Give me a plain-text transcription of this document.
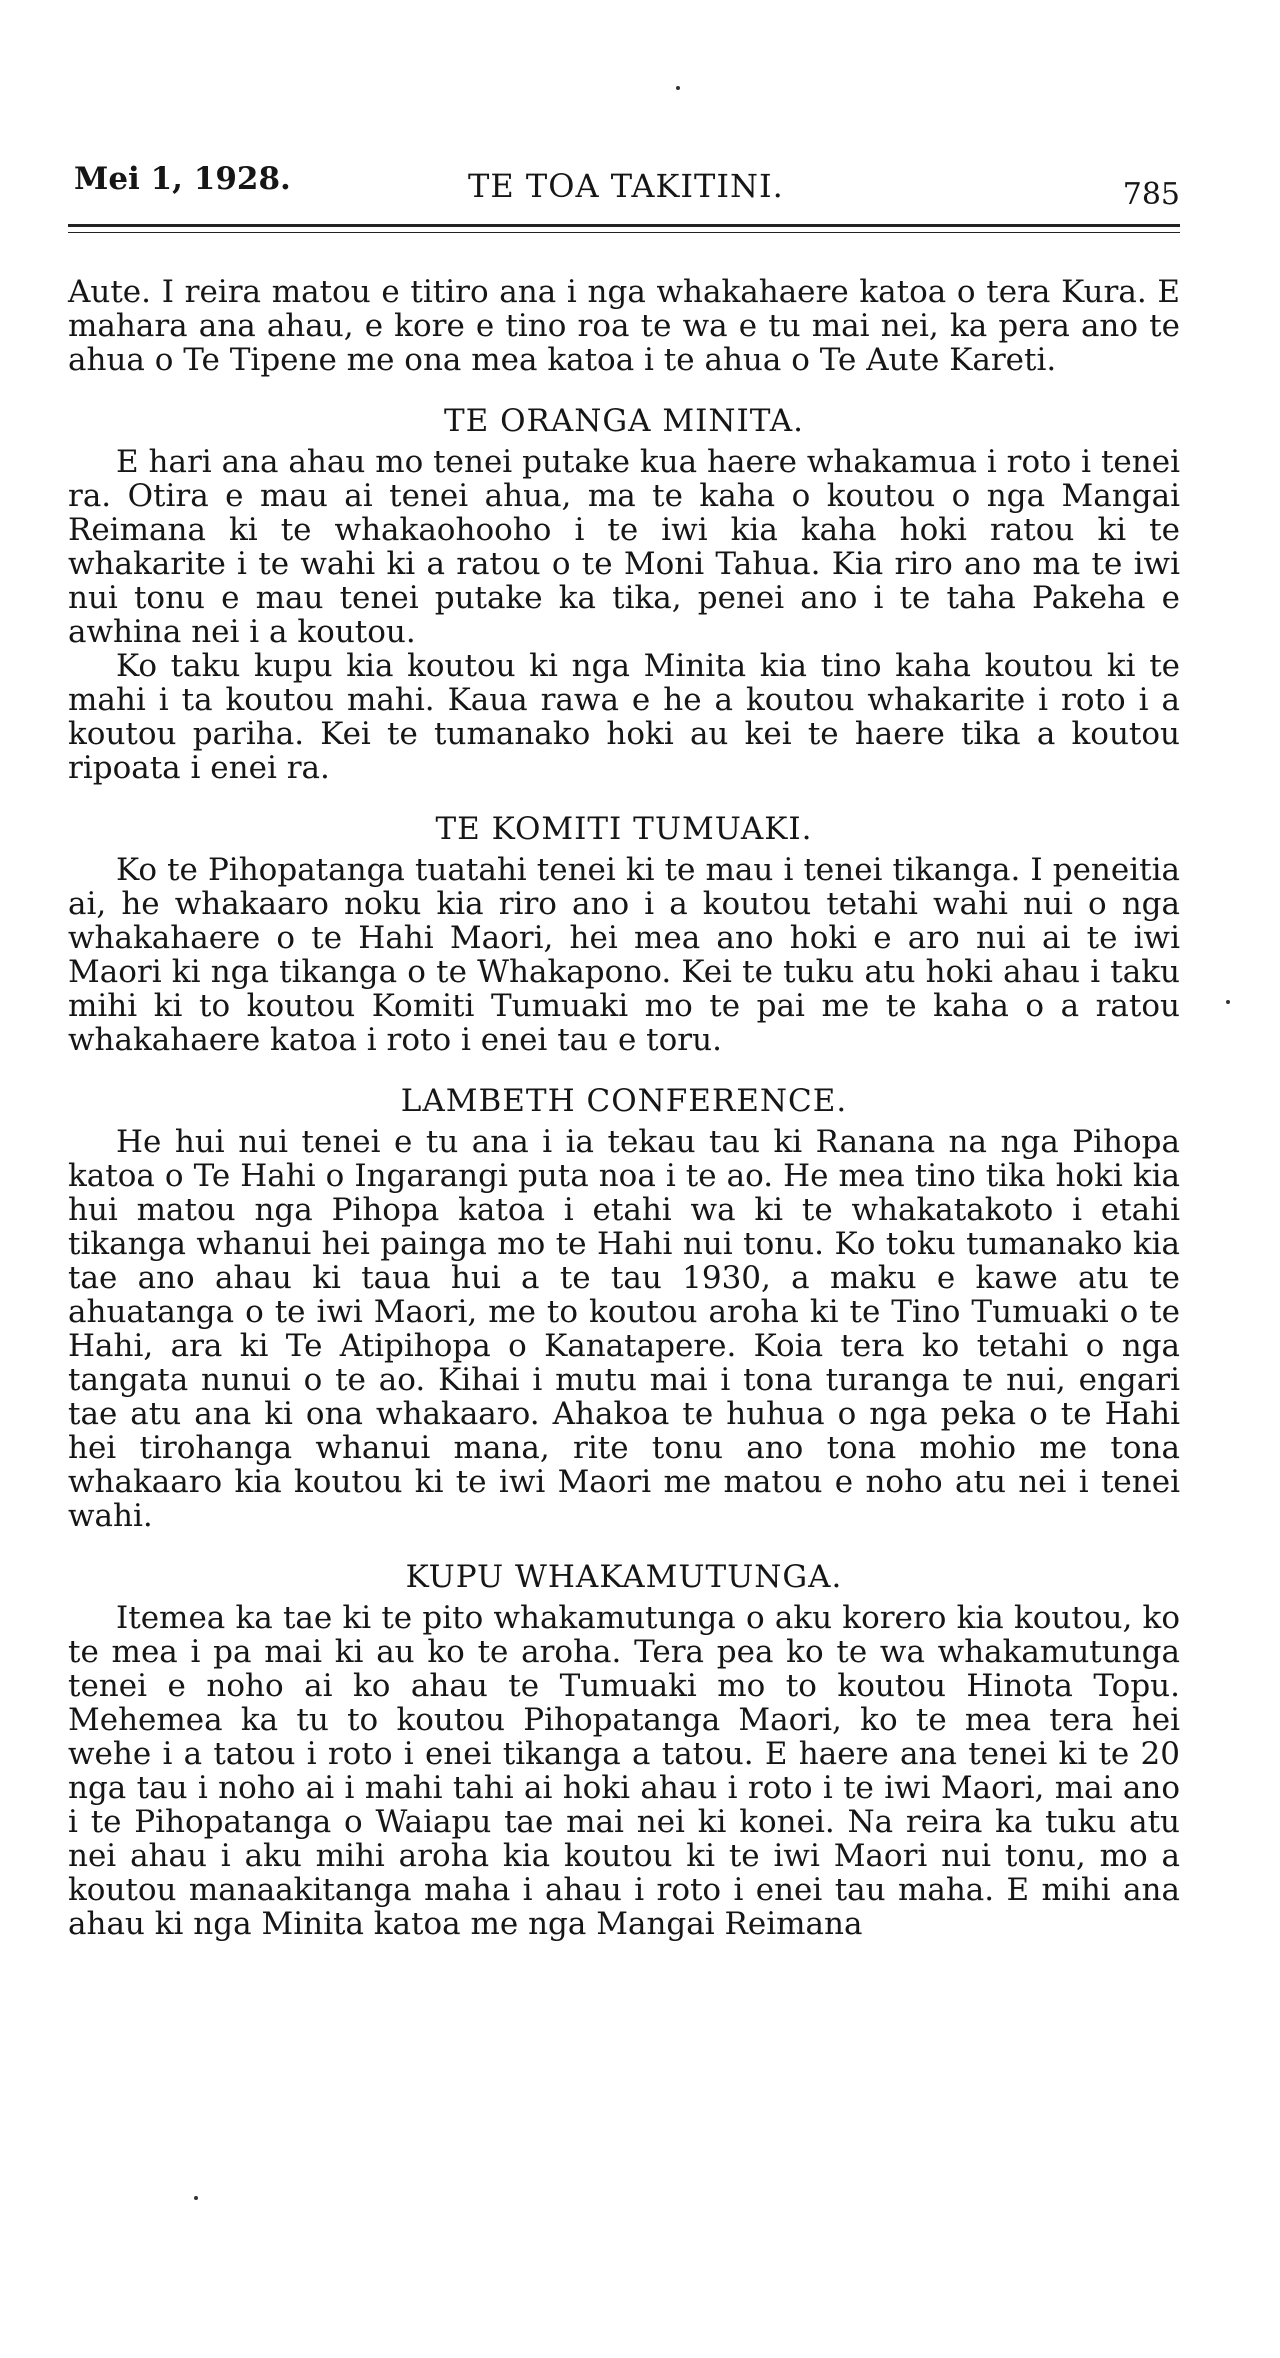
Mei 1, 1928.	TE TOA TAKITINI.	785

Aute. I reira matou e titiro ana i nga whakahaere katoa o tera Kura. E mahara ana ahau, e kore e tino roa te wa e tu mai nei, ka pera ano te ahua o Te Tipene me ona mea katoa i te ahua o Te Aute Kareti.

TE ORANGA MINITA.

E hari ana ahau mo tenei putake kua haere whakamua i roto i tenei ra. Otira e mau ai tenei ahua, ma te kaha o koutou o nga Mangai Reimana ki te whakaohooho i te iwi kia kaha hoki ratou ki te whakarite i te wahi ki a ratou o te Moni Tahua. Kia riro ano ma te iwi nui tonu e mau tenei putake ka tika, penei ano i te taha Pakeha e awhina nei i a koutou.

Ko taku kupu kia koutou ki nga Minita kia tino kaha koutou ki te mahi i ta koutou mahi. Kaua rawa e he a koutou whakarite i roto i a koutou pariha. Kei te tumanako hoki au kei te haere tika a koutou ripoata i enei ra.

TE KOMITI TUMUAKI.

Ko te Pihopatanga tuatahi tenei ki te mau i tenei tikanga. I peneitia ai, he whakaaro noku kia riro ano i a koutou tetahi wahi nui o nga whakahaere o te Hahi Maori, hei mea ano hoki e aro nui ai te iwi Maori ki nga tikanga o te Whakapono. Kei te tuku atu hoki ahau i taku mihi ki to koutou Komiti Tumuaki mo te pai me te kaha o a ratou whakahaere katoa i roto i enei tau e toru.

LAMBETH CONFERENCE.

He hui nui tenei e tu ana i ia tekau tau ki Ranana na nga Pihopa katoa o Te Hahi o Ingarangi puta noa i te ao. He mea tino tika hoki kia hui matou nga Pihopa katoa i etahi wa ki te whakatakoto i etahi tikanga whanui hei painga mo te Hahi nui tonu. Ko toku tumanako kia tae ano ahau ki taua hui a te tau 1930, a maku e kawe atu te ahuatanga o te iwi Maori, me to koutou aroha ki te Tino Tumuaki o te Hahi, ara ki Te Atipihopa o Kanatapere. Koia tera ko tetahi o nga tangata nunui o te ao. Kihai i mutu mai i tona turanga te nui, engari tae atu ana ki ona whakaaro. Ahakoa te huhua o nga peka o te Hahi hei tirohanga whanui mana, rite tonu ano tona mohio me tona whakaaro kia koutou ki te iwi Maori me matou e noho atu nei i tenei wahi.

KUPU WHAKAMUTUNGA.

Itemea ka tae ki te pito whakamutunga o aku korero kia koutou, ko te mea i pa mai ki au ko te aroha. Tera pea ko te wa whakamutunga tenei e noho ai ko ahau te Tumuaki mo to koutou Hinota Topu. Mehemea ka tu to koutou Pihopatanga Maori, ko te mea tera hei wehe i a tatou i roto i enei tikanga a tatou. E haere ana tenei ki te 20 nga tau i noho ai i mahi tahi ai hoki ahau i roto i te iwi Maori, mai ano i te Pihopatanga o Waiapu tae mai nei ki konei. Na reira ka tuku atu nei ahau i aku mihi aroha kia koutou ki te iwi Maori nui tonu, mo a koutou manaakitanga maha i ahau i roto i enei tau maha. E mihi ana ahau ki nga Minita katoa me nga Mangai Reimana
